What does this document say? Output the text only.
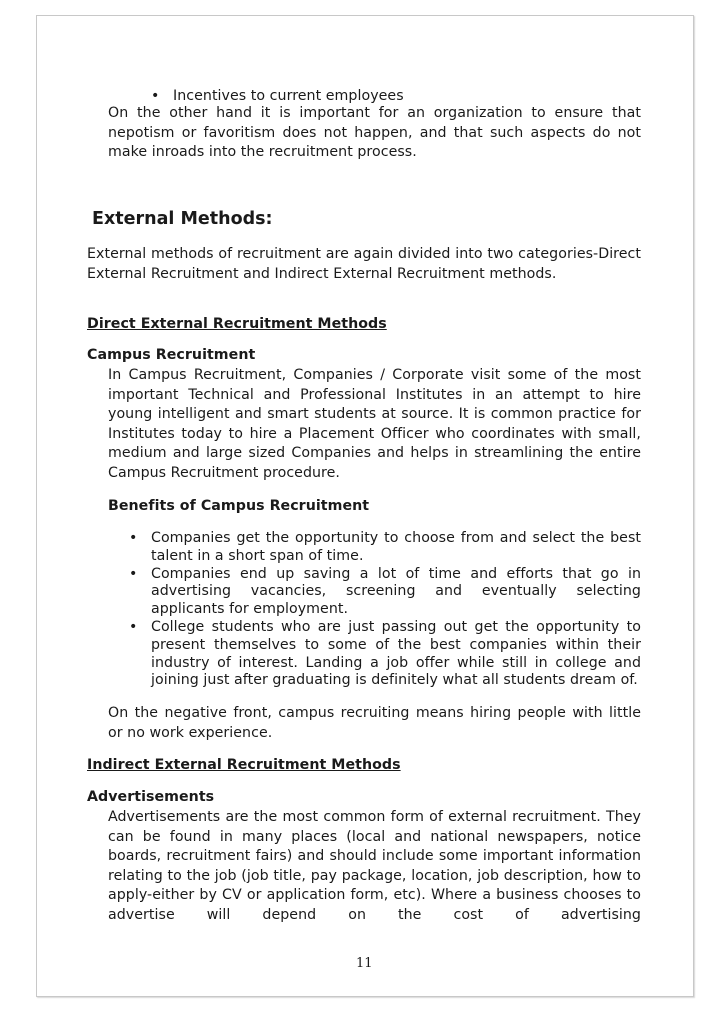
• Incentives to current employees
On the other hand it is important for an organization to ensure that nepotism or favoritism does not happen, and that such aspects do not make inroads into the recruitment process.
External Methods:
External methods of recruitment are again divided into two categories-Direct External Recruitment and Indirect External Recruitment methods.
Direct External Recruitment Methods
Campus Recruitment
In Campus Recruitment, Companies / Corporate visit some of the most important Technical and Professional Institutes in an attempt to hire young intelligent and smart students at source. It is common practice for Institutes today to hire a Placement Officer who coordinates with small, medium and large sized Companies and helps in streamlining the entire Campus Recruitment procedure.
Benefits of Campus Recruitment
• Companies get the opportunity to choose from and select the best talent in a short span of time.
• Companies end up saving a lot of time and efforts that go in advertising vacancies, screening and eventually selecting applicants for employment.
• College students who are just passing out get the opportunity to present themselves to some of the best companies within their industry of interest. Landing a job offer while still in college and joining just after graduating is definitely what all students dream of.
On the negative front, campus recruiting means hiring people with little or no work experience.
Indirect External Recruitment Methods
Advertisements
Advertisements are the most common form of external recruitment. They can be found in many places (local and national newspapers, notice boards, recruitment fairs) and should include some important information relating to the job (job title, pay package, location, job description, how to apply-either by CV or application form, etc). Where a business chooses to advertise will depend on the cost of advertising
11
